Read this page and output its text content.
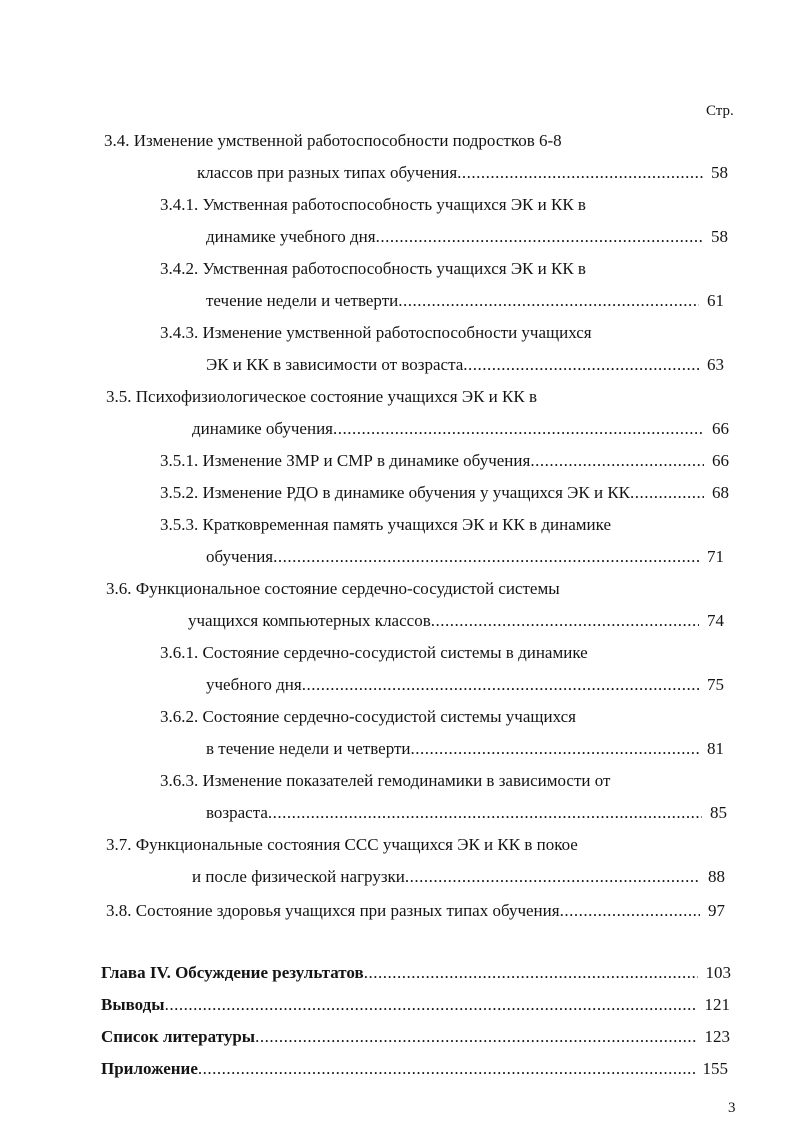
Стр.
3.4. Изменение умственной работоспособности подростков 6-8
классов при разных типах обучения .....	58
3.4.1. Умственная работоспособность учащихся ЭК и КК в
динамике учебного дня .....	58
3.4.2. Умственная работоспособность учащихся ЭК и КК в
течение недели и четверти .....	61
3.4.3. Изменение умственной работоспособности учащихся
ЭК и КК в зависимости от возраста .....	63
3.5. Психофизиологическое состояние учащихся ЭК и КК в
динамике обучения .....	66
3.5.1. Изменение ЗМР и СМР в динамике обучения .....	66
3.5.2. Изменение РДО в динамике обучения у учащихся ЭК и КК .....	68
3.5.3. Кратковременная память учащихся ЭК и КК в динамике
обучения .....	71
3.6. Функциональное состояние сердечно-сосудистой системы
учащихся компьютерных классов .....	74
3.6.1. Состояние сердечно-сосудистой системы в динамике
учебного дня .....	75
3.6.2. Состояние сердечно-сосудистой системы учащихся
в течение недели и четверти .....	81
3.6.3. Изменение показателей гемодинамики в зависимости от
возраста .....	85
3.7. Функциональные состояния ССС учащихся ЭК и КК в покое
и после физической нагрузки .....	88
3.8. Состояние здоровья учащихся при разных типах обучения .....	97
Глава IV. Обсуждение результатов .....	103
Выводы .....	121
Список литературы .....	123
Приложение .....	155
3
